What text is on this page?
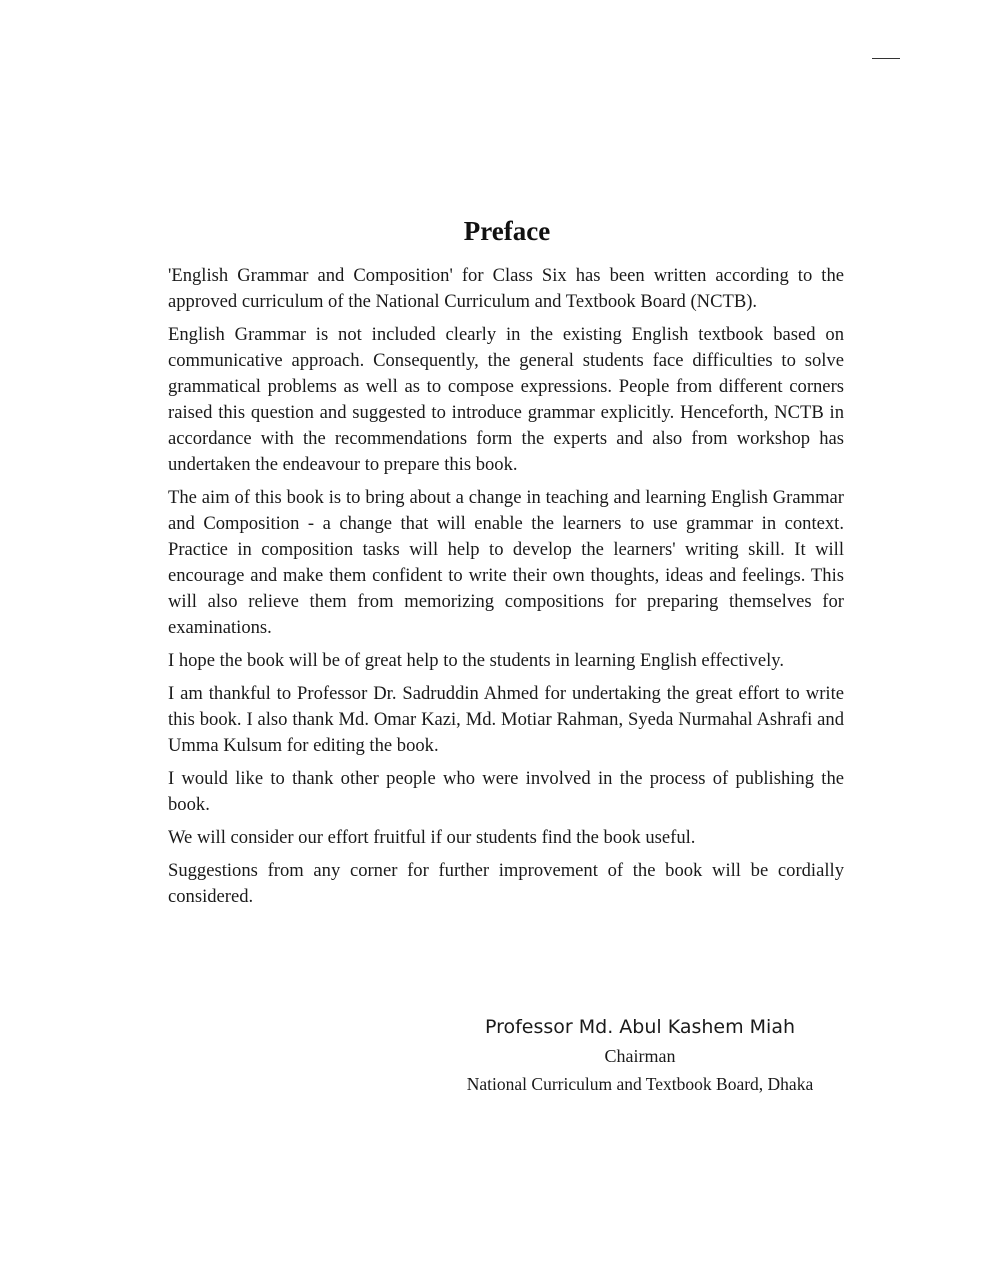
Preface

'English Grammar and Composition' for Class Six has been written according to the approved curriculum of the National Curriculum and Textbook Board (NCTB).

English Grammar is not included clearly in the existing English textbook based on communicative approach. Consequently, the general students face difficulties to solve grammatical problems as well as to compose expressions. People from different corners raised this question and suggested to introduce grammar explicitly. Henceforth, NCTB in accordance with the recommendations form the experts and also from workshop has undertaken the endeavour to prepare this book.

The aim of this book is to bring about a change in teaching and learning English Grammar and Composition - a change that will enable the learners to use grammar in context. Practice in composition tasks will help to develop the learners' writing skill. It will encourage and make them confident to write their own thoughts, ideas and feelings. This will also relieve them from memorizing compositions for preparing themselves for examinations.

I hope the book will be of great help to the students in learning English effectively.

I am thankful to Professor Dr. Sadruddin Ahmed for undertaking the great effort to write this book. I also thank Md. Omar Kazi, Md. Motiar Rahman, Syeda Nurmahal Ashrafi and Umma Kulsum for editing the book.

I would like to thank other people who were involved in the process of publishing the book.

We will consider our effort fruitful if our students find the book useful.

Suggestions from any corner for further improvement of the book will be cordially considered.

Professor Md. Abul Kashem Miah
Chairman
National Curriculum and Textbook Board, Dhaka
